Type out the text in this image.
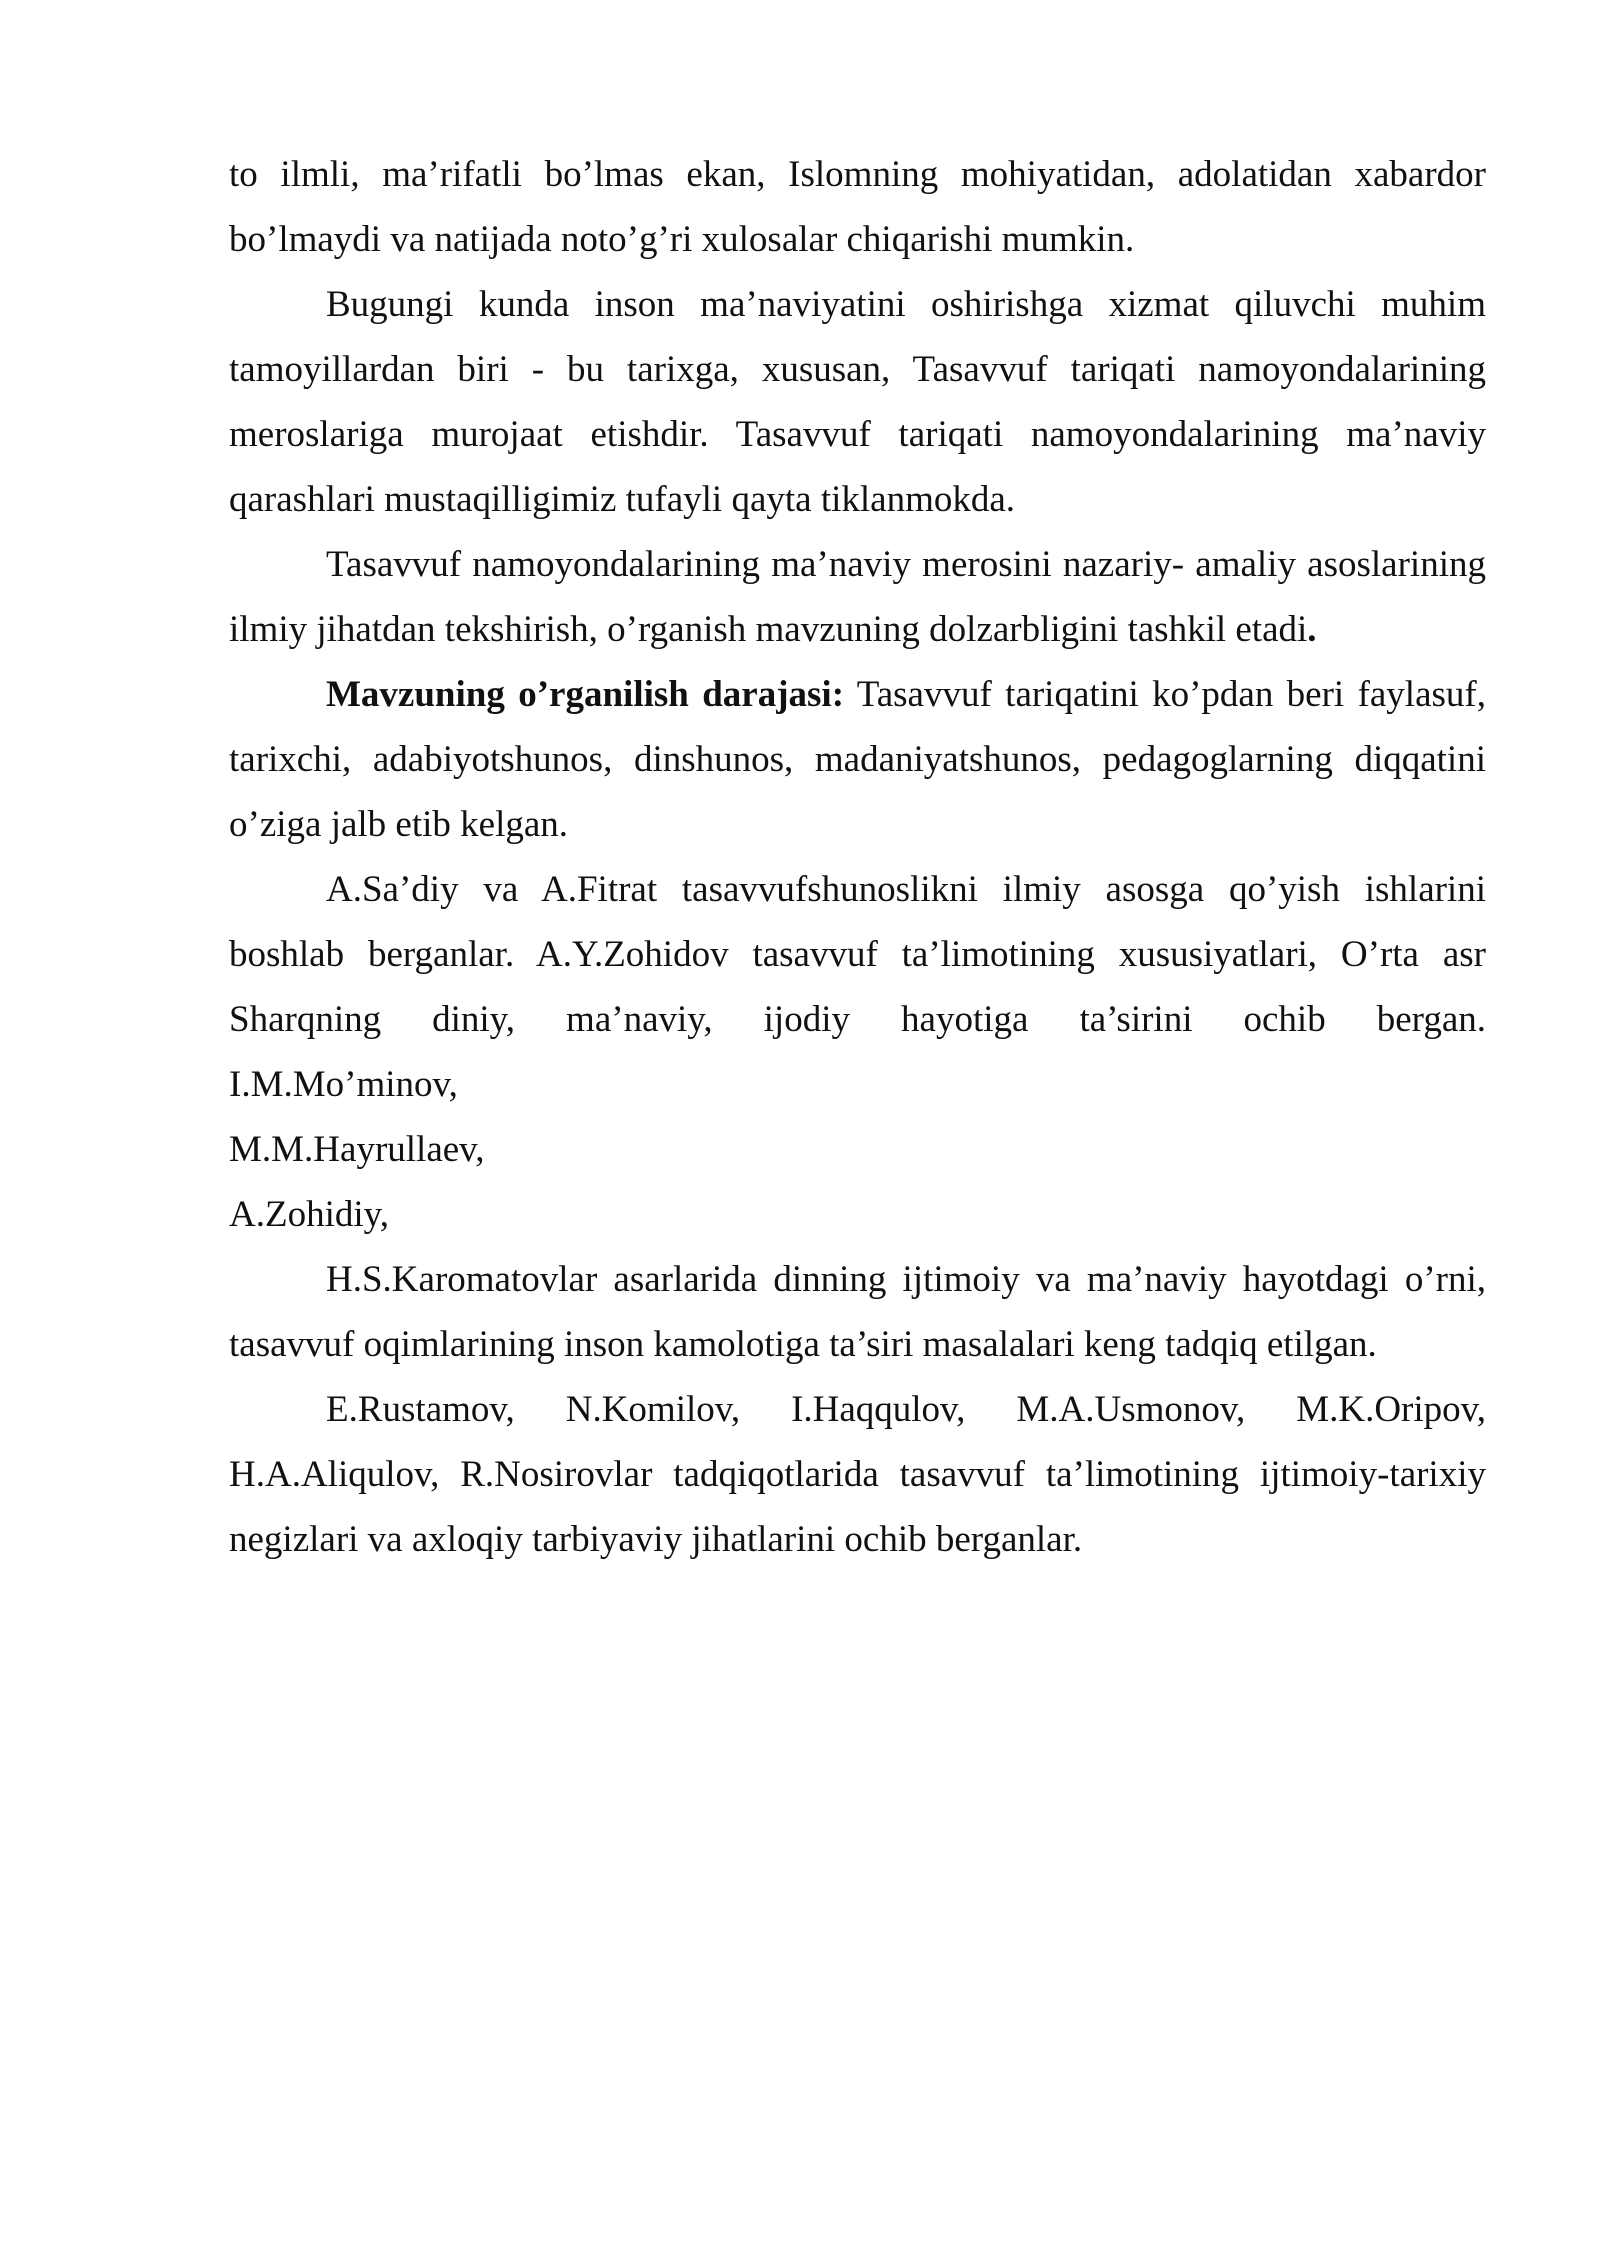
to ilmli, ma’rifatli bo’lmas ekan, Islomning mohiyatidan, adolatidan xabardor bo’lmaydi va natijada noto’g’ri xulosalar chiqarishi mumkin.

Bugungi kunda inson ma’naviyatini oshirishga xizmat qiluvchi muhim tamoyillardan biri - bu tarixga, xususan, Tasavvuf tariqati namoyondalarining meroslariga murojaat etishdir. Tasavvuf tariqati namoyondalarining ma’naviy qarashlari mustaqilligimiz tufayli qayta tiklanmokda.

Tasavvuf namoyondalarining ma’naviy merosini nazariy- amaliy asoslarining ilmiy jihatdan tekshirish, o’rganish mavzuning dolzarbligini tashkil etadi.

Mavzuning o’rganilish darajasi: Tasavvuf tariqatini ko’pdan beri faylasuf, tarixchi, adabiyotshunos, dinshunos, madaniyatshunos, pedagoglarning diqqatini o’ziga jalb etib kelgan.

A.Sa’diy va A.Fitrat tasavvufshunoslikni ilmiy asosga qo’yish ishlarini boshlab berganlar. A.Y.Zohidov tasavvuf ta’limotining xususiyatlari, O’rta asr Sharqning diniy, ma’naviy, ijodiy hayotiga ta’sirini ochib bergan.

I.M.Mo’minov,

M.M.Hayrullaev,

A.Zohidiy,

H.S.Karomatovlar asarlarida dinning ijtimoiy va ma’naviy hayotdagi o’rni, tasavvuf oqimlarining inson kamolotiga ta’siri masalalari keng tadqiq etilgan.

E.Rustamov, N.Komilov, I.Haqqulov, M.A.Usmonov, M.K.Oripov, H.A.Aliqulov, R.Nosirovlar tadqiqotlarida tasavvuf ta’limotining ijtimoiy-tarixiy negizlari va axloqiy tarbiyaviy jihatlarini ochib berganlar.
